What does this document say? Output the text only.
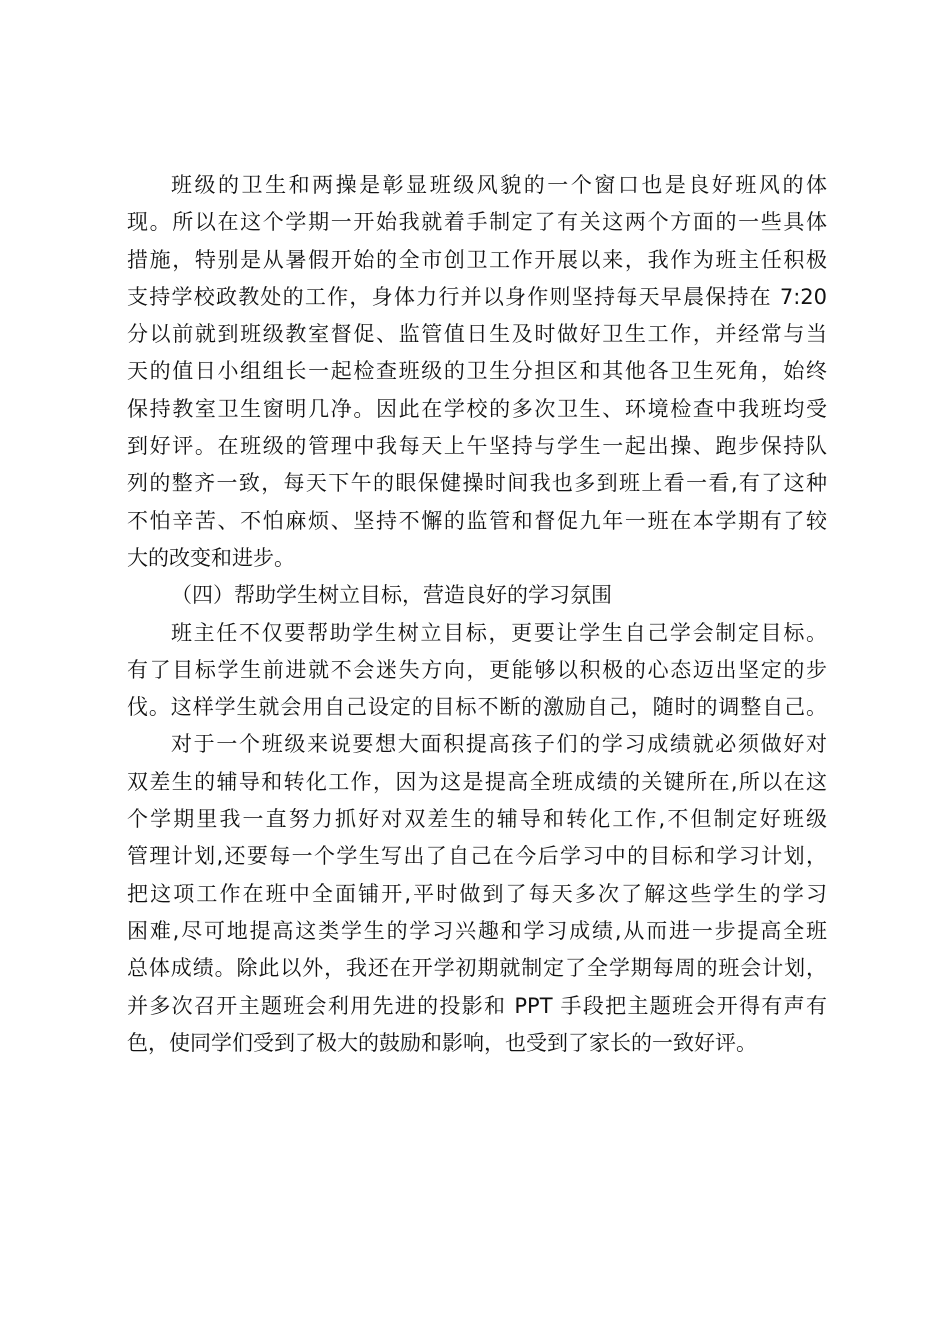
班级的卫生和两操是彰显班级风貌的一个窗口也是良好班风的体
现。所以在这个学期一开始我就着手制定了有关这两个方面的一些具体
措施，特别是从暑假开始的全市创卫工作开展以来，我作为班主任积极
支持学校政教处的工作，身体力行并以身作则坚持每天早晨保持在 7:20
分以前就到班级教室督促、监管值日生及时做好卫生工作，并经常与当
天的值日小组组长一起检查班级的卫生分担区和其他各卫生死角，始终
保持教室卫生窗明几净。因此在学校的多次卫生、环境检查中我班均受
到好评。在班级的管理中我每天上午坚持与学生一起出操、跑步保持队
列的整齐一致，每天下午的眼保健操时间我也多到班上看一看,有了这种
不怕辛苦、不怕麻烦、坚持不懈的监管和督促九年一班在本学期有了较
大的改变和进步。
（四）帮助学生树立目标，营造良好的学习氛围
班主任不仅要帮助学生树立目标，更要让学生自己学会制定目标。
有了目标学生前进就不会迷失方向，更能够以积极的心态迈出坚定的步
伐。这样学生就会用自己设定的目标不断的激励自己，随时的调整自己。
对于一个班级来说要想大面积提高孩子们的学习成绩就必须做好对
双差生的辅导和转化工作，因为这是提高全班成绩的关键所在,所以在这
个学期里我一直努力抓好对双差生的辅导和转化工作,不但制定好班级
管理计划,还要每一个学生写出了自己在今后学习中的目标和学习计划，
把这项工作在班中全面铺开,平时做到了每天多次了解这些学生的学习
困难,尽可地提高这类学生的学习兴趣和学习成绩,从而进一步提高全班
总体成绩。除此以外，我还在开学初期就制定了全学期每周的班会计划，
并多次召开主题班会利用先进的投影和 PPT 手段把主题班会开得有声有
色，使同学们受到了极大的鼓励和影响，也受到了家长的一致好评。
